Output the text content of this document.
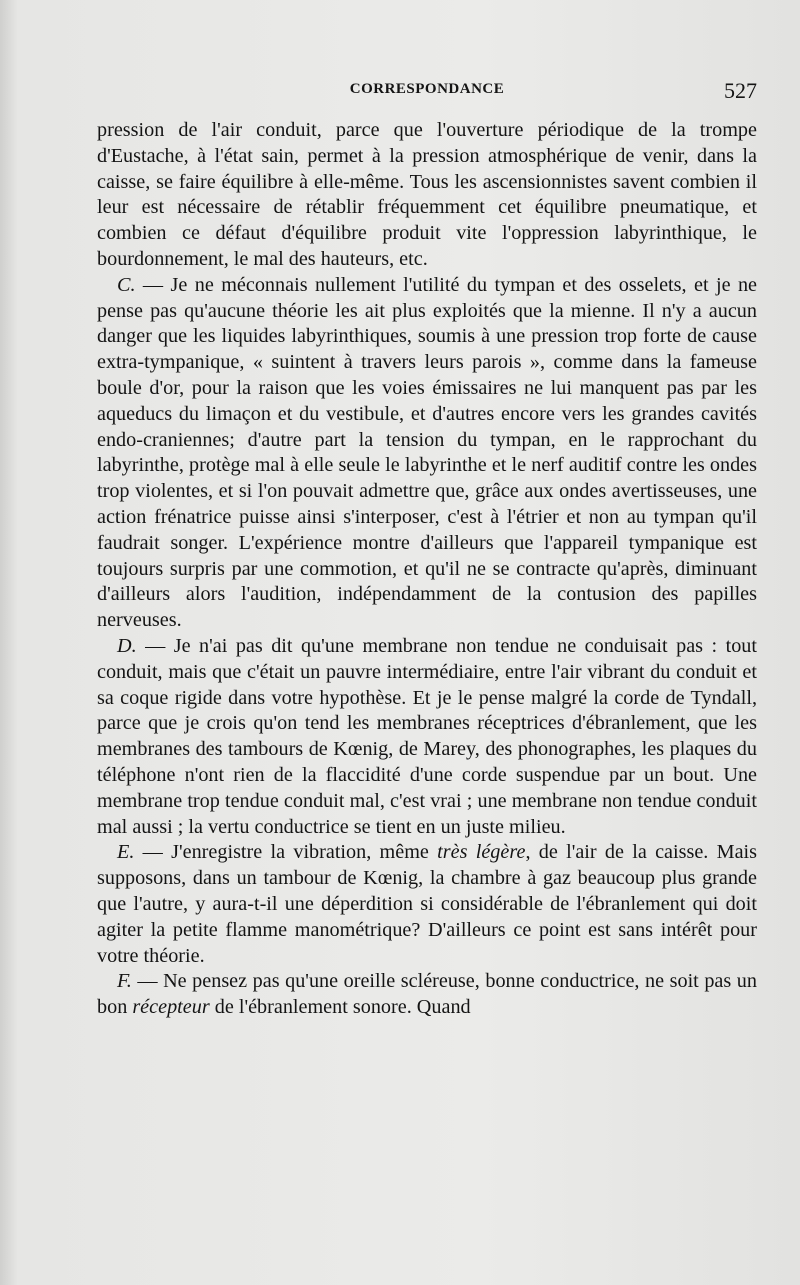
CORRESPONDANCE	527

pression de l'air conduit, parce que l'ouverture périodique de la trompe d'Eustache, à l'état sain, permet à la pression atmosphérique de venir, dans la caisse, se faire équilibre à elle-même. Tous les ascensionnistes savent combien il leur est nécessaire de rétablir fréquemment cet équilibre pneumatique, et combien ce défaut d'équilibre produit vite l'oppression labyrinthique, le bourdonnement, le mal des hauteurs, etc.

C. — Je ne méconnais nullement l'utilité du tympan et des osselets, et je ne pense pas qu'aucune théorie les ait plus exploités que la mienne. Il n'y a aucun danger que les liquides labyrinthiques, soumis à une pression trop forte de cause extra-tympanique, « suintent à travers leurs parois », comme dans la fameuse boule d'or, pour la raison que les voies émissaires ne lui manquent pas par les aqueducs du limaçon et du vestibule, et d'autres encore vers les grandes cavités endo-craniennes; d'autre part la tension du tympan, en le rapprochant du labyrinthe, protège mal à elle seule le labyrinthe et le nerf auditif contre les ondes trop violentes, et si l'on pouvait admettre que, grâce aux ondes avertisseuses, une action frénatrice puisse ainsi s'interposer, c'est à l'étrier et non au tympan qu'il faudrait songer. L'expérience montre d'ailleurs que l'appareil tympanique est toujours surpris par une commotion, et qu'il ne se contracte qu'après, diminuant d'ailleurs alors l'audition, indépendamment de la contusion des papilles nerveuses.

D. — Je n'ai pas dit qu'une membrane non tendue ne conduisait pas : tout conduit, mais que c'était un pauvre intermédiaire, entre l'air vibrant du conduit et sa coque rigide dans votre hypothèse. Et je le pense malgré la corde de Tyndall, parce que je crois qu'on tend les membranes réceptrices d'ébranlement, que les membranes des tambours de Kœnig, de Marey, des phonographes, les plaques du téléphone n'ont rien de la flaccidité d'une corde suspendue par un bout. Une membrane trop tendue conduit mal, c'est vrai ; une membrane non tendue conduit mal aussi ; la vertu conductrice se tient en un juste milieu.

E. — J'enregistre la vibration, même très légère, de l'air de la caisse. Mais supposons, dans un tambour de Kœnig, la chambre à gaz beaucoup plus grande que l'autre, y aura-t-il une déperdition si considérable de l'ébranlement qui doit agiter la petite flamme manométrique? D'ailleurs ce point est sans intérêt pour votre théorie.

F. — Ne pensez pas qu'une oreille scléreuse, bonne conductrice, ne soit pas un bon récepteur de l'ébranlement sonore. Quand
